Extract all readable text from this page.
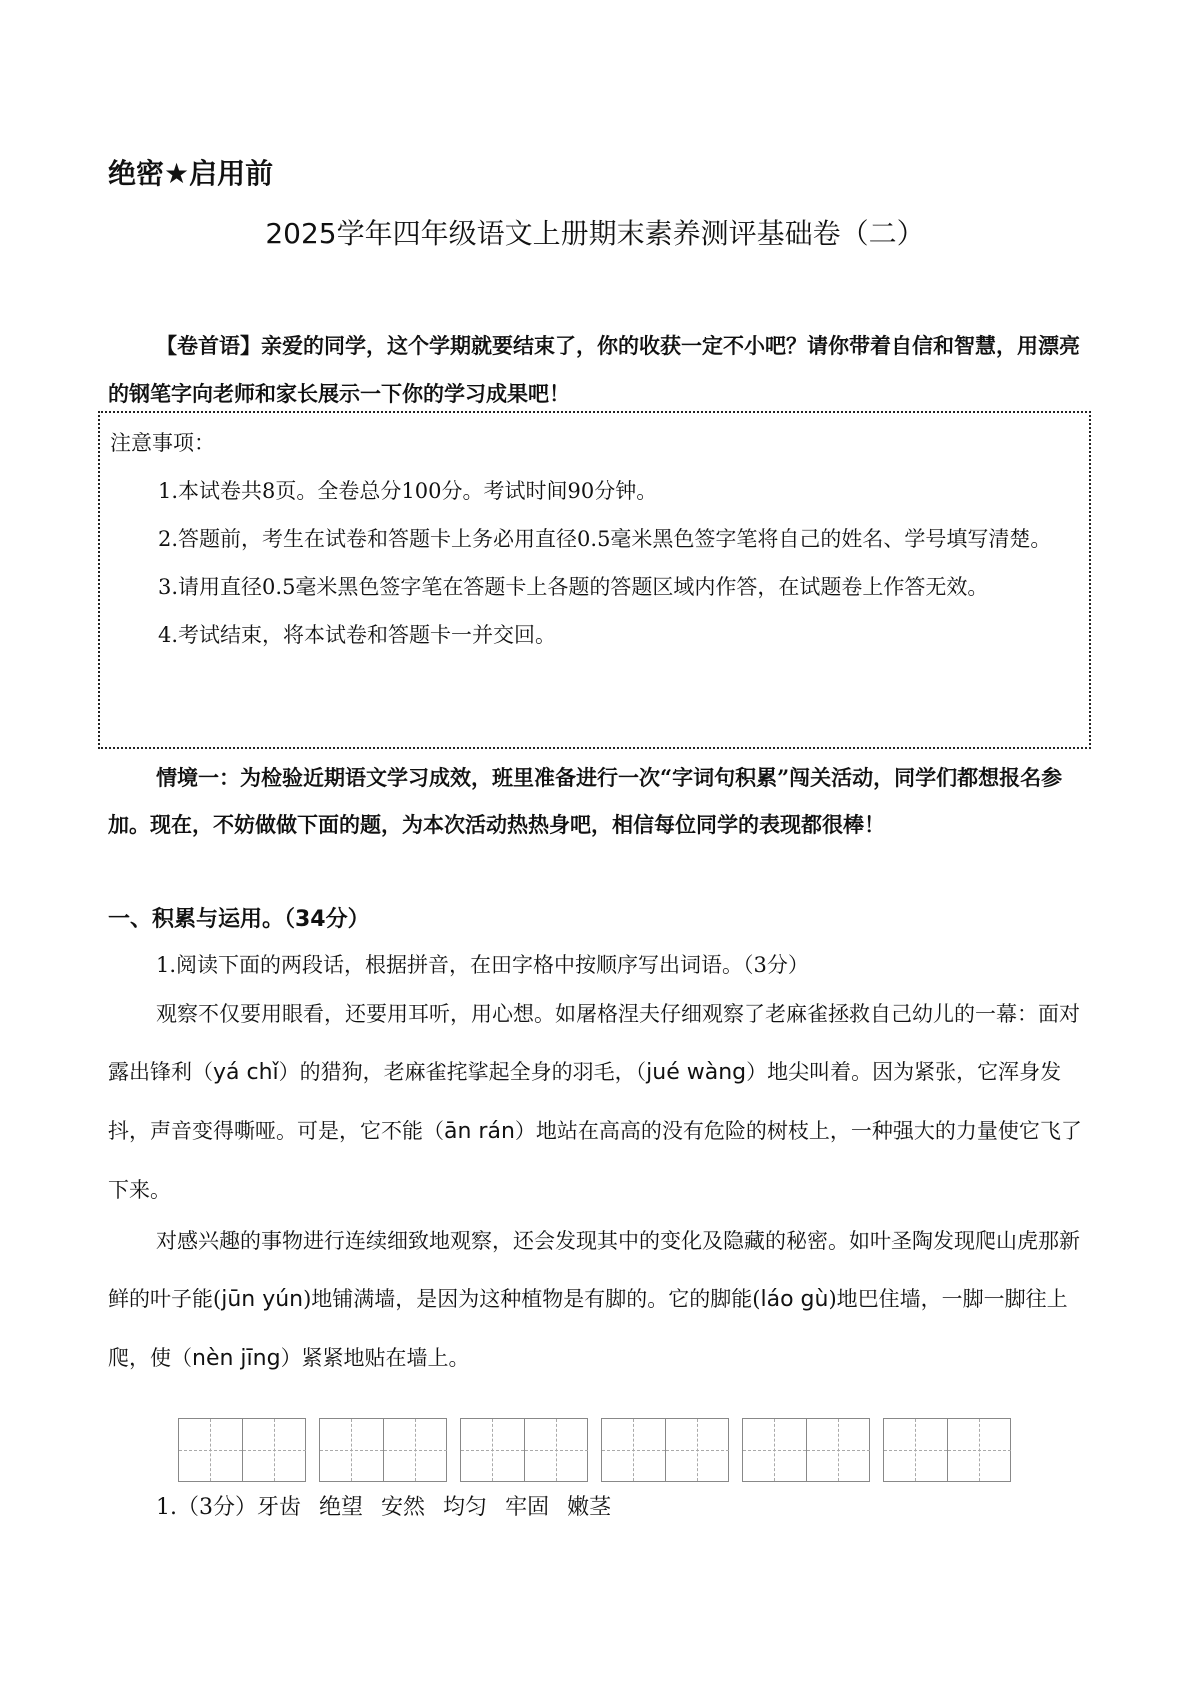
绝密★启用前
2025学年四年级语文上册期末素养测评基础卷（二）
【卷首语】亲爱的同学，这个学期就要结束了，你的收获一定不小吧？请你带着自信和智慧，用漂亮的钢笔字向老师和家长展示一下你的学习成果吧！
注意事项：
1.本试卷共8页。全卷总分100分。考试时间90分钟。
2.答题前，考生在试卷和答题卡上务必用直径0.5毫米黑色签字笔将自己的姓名、学号填写清楚。
3.请用直径0.5毫米黑色签字笔在答题卡上各题的答题区域内作答，在试题卷上作答无效。
4.考试结束，将本试卷和答题卡一并交回。
情境一：为检验近期语文学习成效，班里准备进行一次“字词句积累”闯关活动，同学们都想报名参加。现在，不妨做做下面的题，为本次活动热热身吧，相信每位同学的表现都很棒！
一、积累与运用。（34分）
1.阅读下面的两段话，根据拼音，在田字格中按顺序写出词语。（3分）
观察不仅要用眼看，还要用耳听，用心想。如屠格涅夫仔细观察了老麻雀拯救自己幼儿的一幕：面对露出锋利（yá chǐ）的猎狗，老麻雀挓挲起全身的羽毛，（jué wàng）地尖叫着。因为紧张，它浑身发抖，声音变得嘶哑。可是，它不能（ān rán）地站在高高的没有危险的树枝上，一种强大的力量使它飞了下来。
对感兴趣的事物进行连续细致地观察，还会发现其中的变化及隐藏的秘密。如叶圣陶发现爬山虎那新鲜的叶子能(jūn yún)地铺满墙，是因为这种植物是有脚的。它的脚能(láo gù)地巴住墙，一脚一脚往上爬，使（nèn jīng）紧紧地贴在墙上。
1.（3分）牙齿 绝望 安然 均匀 牢固 嫩茎
